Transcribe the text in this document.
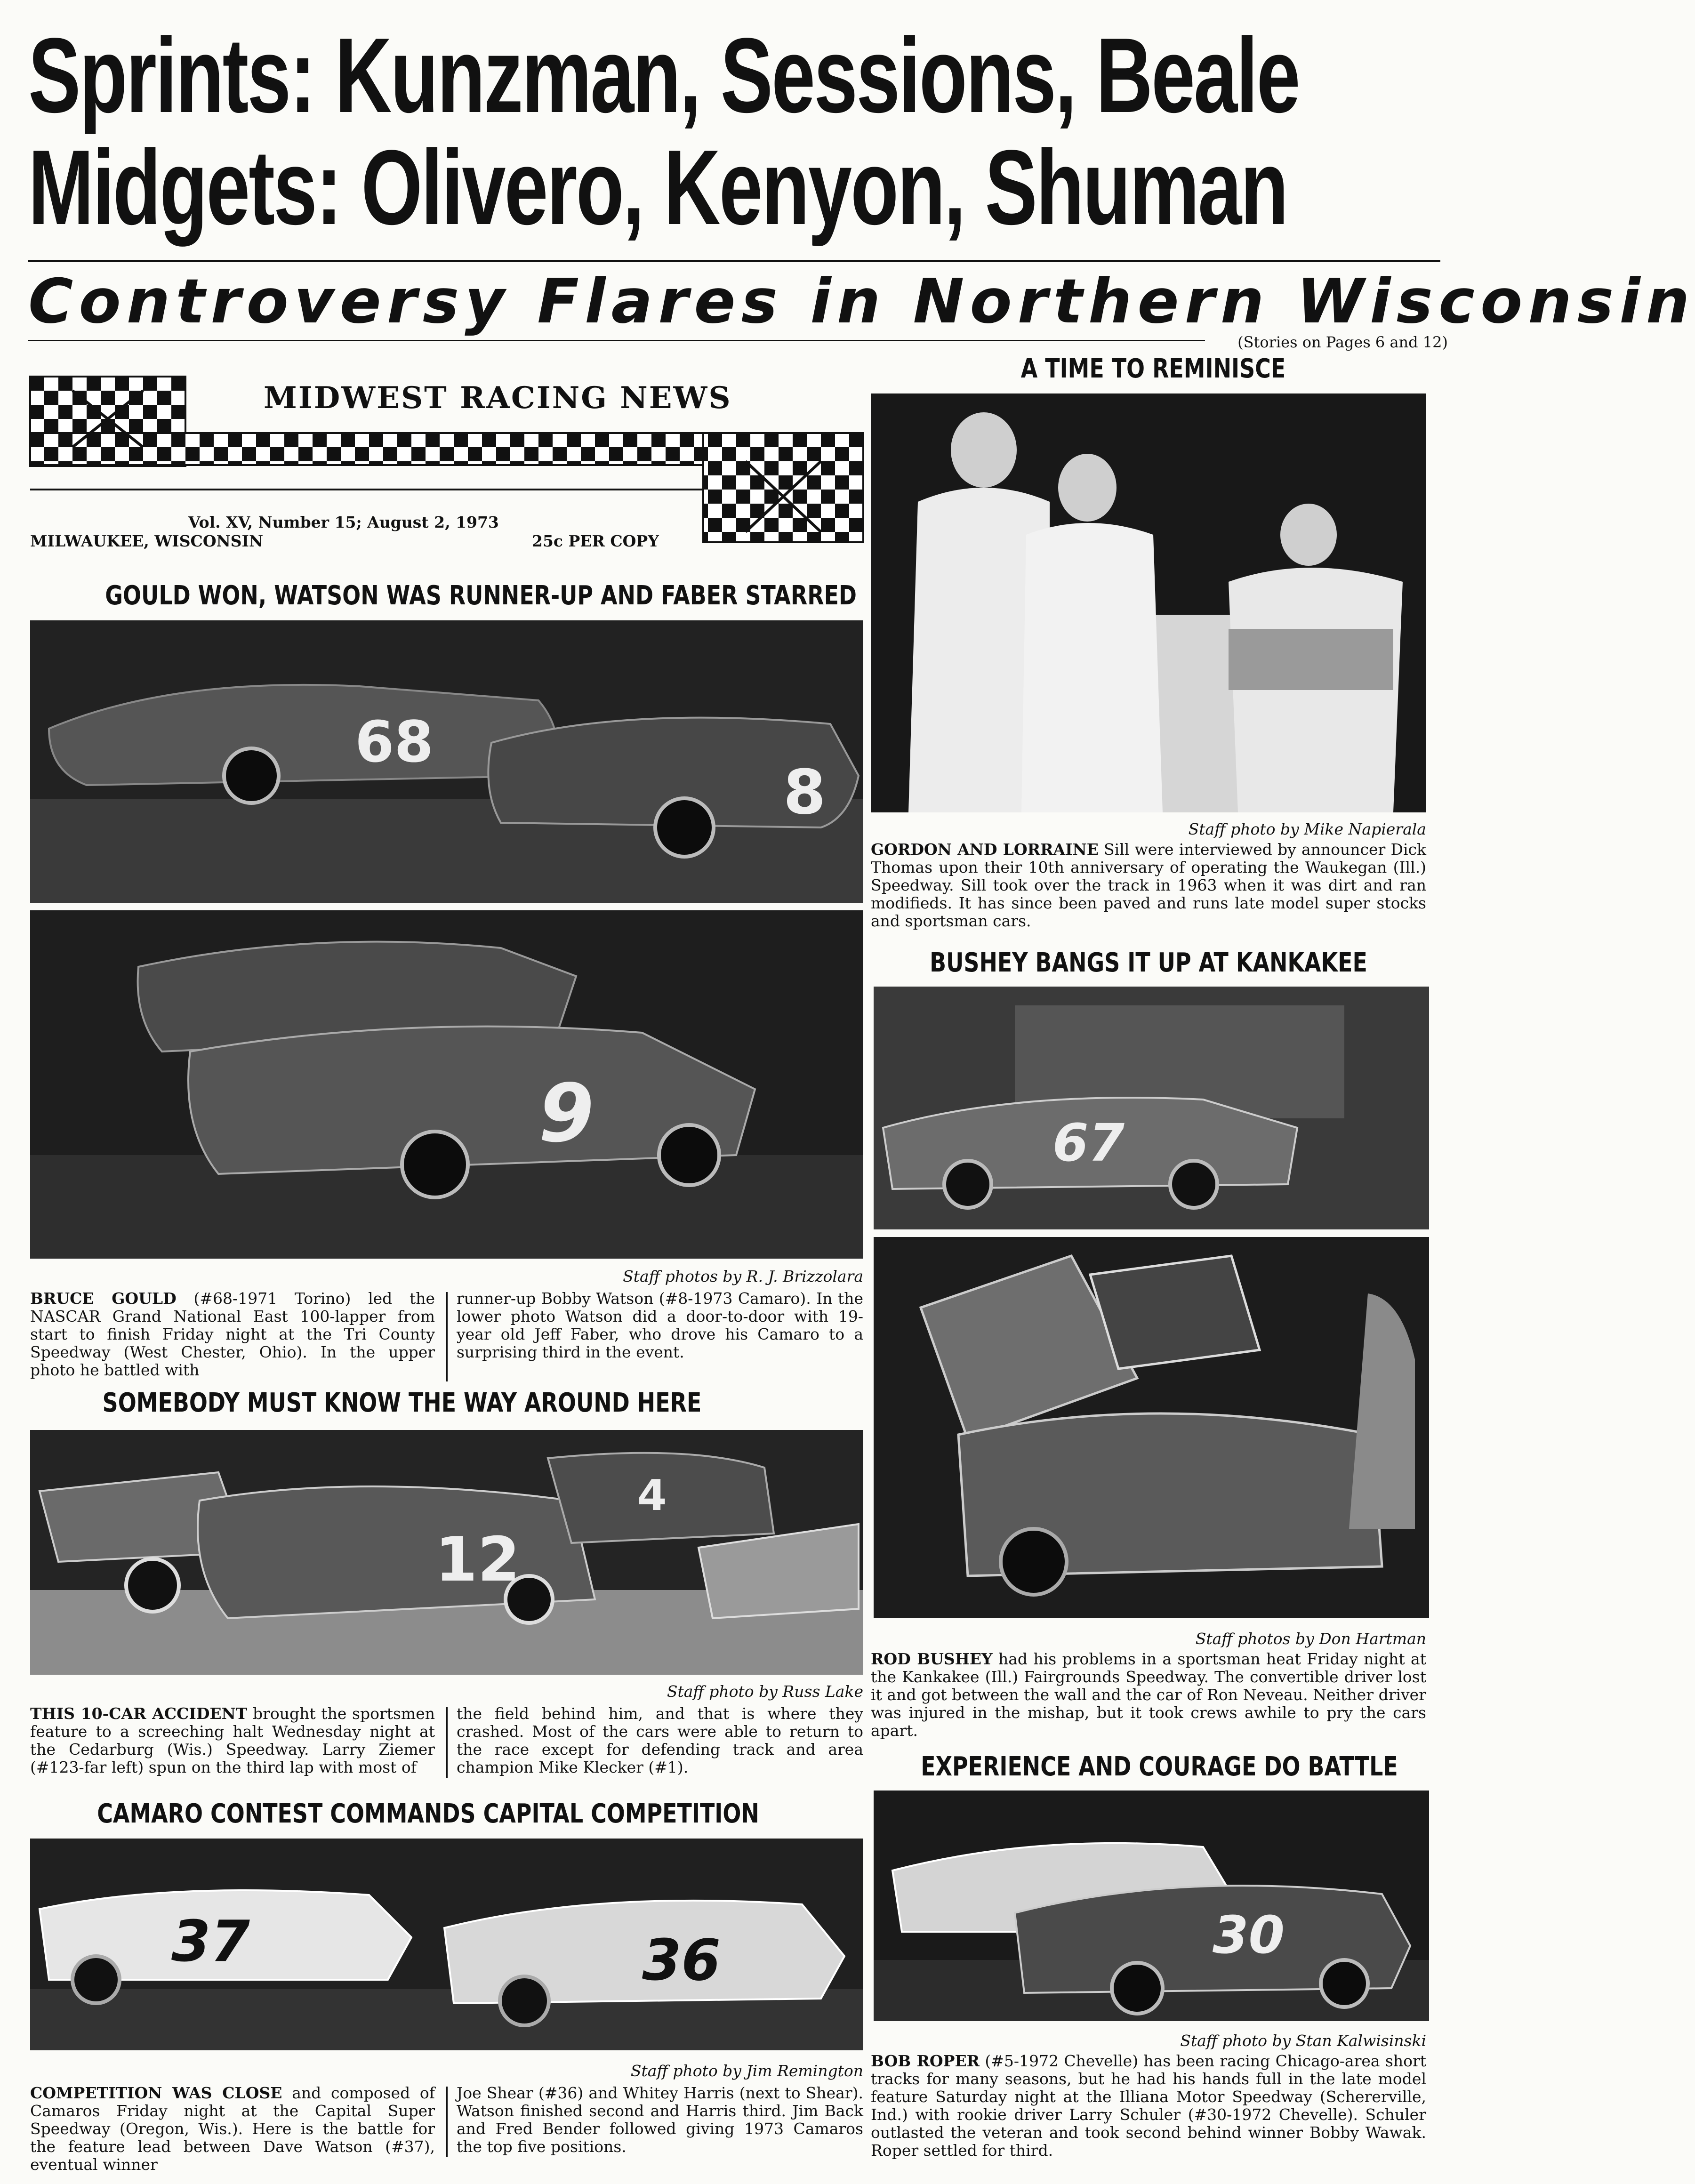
Sprints: Kunzman, Sessions, Beale
Midgets: Olivero, Kenyon, Shuman
Controversy Flares in Northern Wisconsin
(Stories on Pages 6 and 12)
MIDWEST RACING NEWS
Vol. XV, Number 15; August 2, 1973
MILWAUKEE, WISCONSIN	25c PER COPY
GOULD WON, WATSON WAS RUNNER-UP AND FABER STARRED
68
8
9
Staff photos by R. J. Brizzolara
BRUCE GOULD (#68-1971 Torino) led the NASCAR Grand National East 100-lapper from start to finish Friday night at the Tri County Speedway (West Chester, Ohio). In the upper photo he battled with
runner-up Bobby Watson (#8-1973 Camaro). In the lower photo Watson did a door-to-door with 19-year old Jeff Faber, who drove his Camaro to a surprising third in the event.
SOMEBODY MUST KNOW THE WAY AROUND HERE
12
4
Staff photo by Russ Lake
THIS 10-CAR ACCIDENT brought the sportsmen feature to a screeching halt Wednesday night at the Cedarburg (Wis.) Speedway. Larry Ziemer (#123-far left) spun on the third lap with most of
the field behind him, and that is where they crashed. Most of the cars were able to return to the race except for defending track and area champion Mike Klecker (#1).
CAMARO CONTEST COMMANDS CAPITAL COMPETITION
37	36
Staff photo by Jim Remington
COMPETITION WAS CLOSE and composed of Camaros Friday night at the Capital Super Speedway (Oregon, Wis.). Here is the battle for the feature lead between Dave Watson (#37), eventual winner
Joe Shear (#36) and Whitey Harris (next to Shear). Watson finished second and Harris third. Jim Back and Fred Bender followed giving 1973 Camaros the top five positions.
A TIME TO REMINISCE
Staff photo by Mike Napierala
GORDON AND LORRAINE Sill were interviewed by announcer Dick Thomas upon their 10th anniversary of operating the Waukegan (Ill.) Speedway. Sill took over the track in 1963 when it was dirt and ran modifieds. It has since been paved and runs late model super stocks and sportsman cars.
BUSHEY BANGS IT UP AT KANKAKEE
67
Staff photos by Don Hartman
ROD BUSHEY had his problems in a sportsman heat Friday night at the Kankakee (Ill.) Fairgrounds Speedway. The convertible driver lost it and got between the wall and the car of Ron Neveau. Neither driver was injured in the mishap, but it took crews awhile to pry the cars apart.
EXPERIENCE AND COURAGE DO BATTLE
30
Staff photo by Stan Kalwisinski
BOB ROPER (#5-1972 Chevelle) has been racing Chicago-area short tracks for many seasons, but he had his hands full in the late model feature Saturday night at the Illiana Motor Speedway (Schererville, Ind.) with rookie driver Larry Schuler (#30-1972 Chevelle). Schuler outlasted the veteran and took second behind winner Bobby Wawak. Roper settled for third.
